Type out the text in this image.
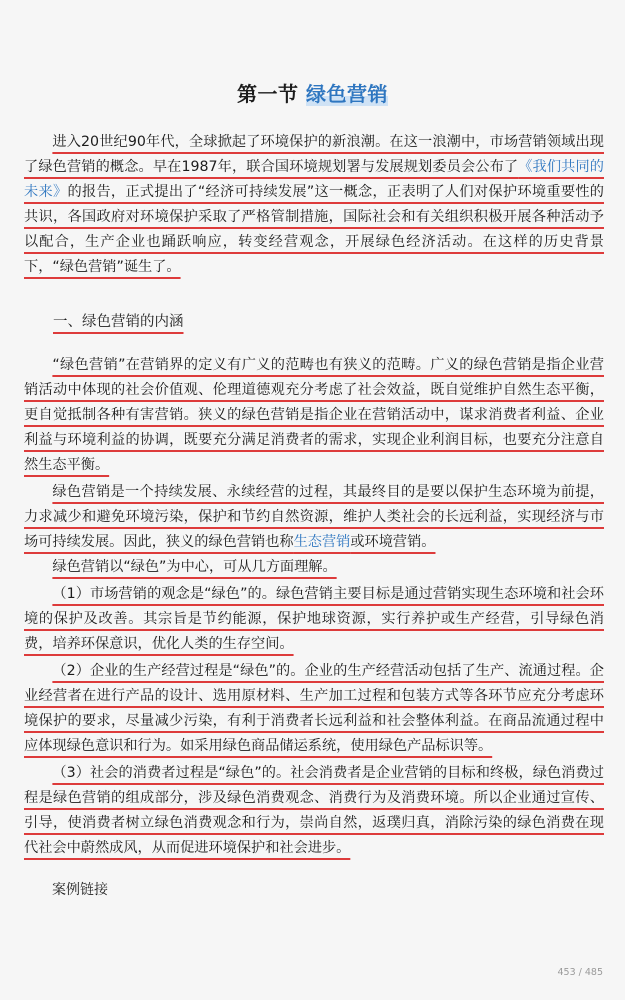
第一节 绿色营销

进入20世纪90年代，全球掀起了环境保护的新浪潮。在这一浪潮中，市场营销领域出现了绿色营销的概念。早在1987年，联合国环境规划署与发展规划委员会公布了《我们共同的未来》的报告，正式提出了“经济可持续发展”这一概念，正表明了人们对保护环境重要性的共识，各国政府对环境保护采取了严格管制措施，国际社会和有关组织积极开展各种活动予以配合，生产企业也踊跃响应，转变经营观念，开展绿色经济活动。在这样的历史背景下，“绿色营销”诞生了。

一、绿色营销的内涵

“绿色营销”在营销界的定义有广义的范畴也有狭义的范畴。广义的绿色营销是指企业营销活动中体现的社会价值观、伦理道德观充分考虑了社会效益，既自觉维护自然生态平衡，更自觉抵制各种有害营销。狭义的绿色营销是指企业在营销活动中，谋求消费者利益、企业利益与环境利益的协调，既要充分满足消费者的需求，实现企业利润目标，也要充分注意自然生态平衡。

绿色营销是一个持续发展、永续经营的过程，其最终目的是要以保护生态环境为前提，力求减少和避免环境污染，保护和节约自然资源，维护人类社会的长远利益，实现经济与市场可持续发展。因此，狭义的绿色营销也称生态营销或环境营销。

绿色营销以“绿色”为中心，可从几方面理解。

（1）市场营销的观念是“绿色”的。绿色营销主要目标是通过营销实现生态环境和社会环境的保护及改善。其宗旨是节约能源，保护地球资源，实行养护或生产经营，引导绿色消费，培养环保意识，优化人类的生存空间。

（2）企业的生产经营过程是“绿色”的。企业的生产经营活动包括了生产、流通过程。企业经营者在进行产品的设计、选用原材料、生产加工过程和包装方式等各环节应充分考虑环境保护的要求，尽量减少污染，有利于消费者长远利益和社会整体利益。在商品流通过程中应体现绿色意识和行为。如采用绿色商品储运系统，使用绿色产品标识等。

（3）社会的消费者过程是“绿色”的。社会消费者是企业营销的目标和终极，绿色消费过程是绿色营销的组成部分，涉及绿色消费观念、消费行为及消费环境。所以企业通过宣传、引导，使消费者树立绿色消费观念和行为，崇尚自然，返璞归真，消除污染的绿色消费在现代社会中蔚然成风，从而促进环境保护和社会进步。

案例链接
453 / 485
